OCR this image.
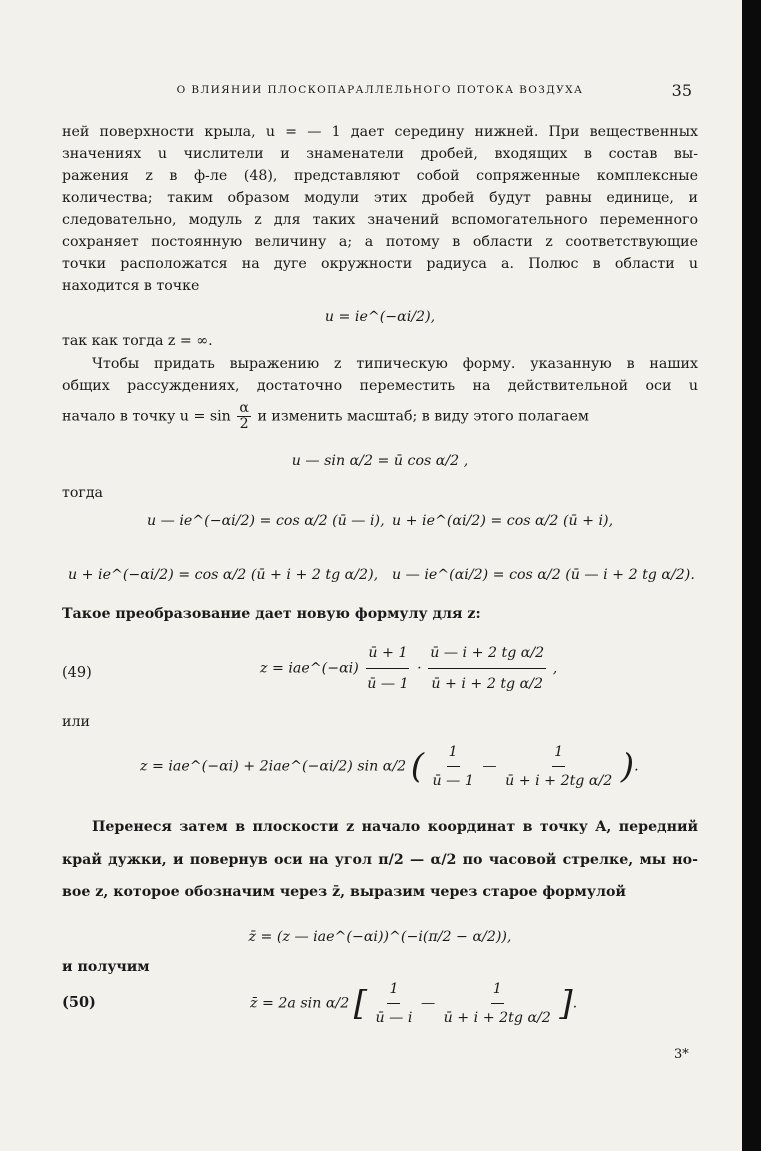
О ВЛИЯНИИ ПЛОСКОПАРАЛЛЕЛЬНОГО ПОТОКА ВОЗДУХА	35
ней поверхности крыла, u = — 1 дает середину нижней. При вещественных
значениях u числители и знаменатели дробей, входящих в состав вы-
ражения z в ф-ле (48), представляют собой сопряженные комплексные
количества; таким образом модули этих дробей будут равны единице, и
следовательно, модуль z для таких значений вспомогательного переменного
сохраняет постоянную величину a; а потому в области z соответствующие
точки расположатся на дуге окружности радиуса a. Полюс в области u
находится в точке
u = ie^(−αi/2),
так как тогда z = ∞.
Чтобы придать выражению z типическую форму. указанную в наших
общих рассуждениях, достаточно переместить на действительной оси u
начало в точку $u = \sin \frac{\alpha}{2}$ и изменить масштаб; в виду этого полагаем
u — sin α/2 = ū cos α/2 ,
тогда
u — ie^(−αi/2) = cos α/2 (ū — i), u + ie^(αi/2) = cos α/2 (ū + i),
u + ie^(−αi/2) = cos α/2 (ū + i + 2 tg α/2), u — ie^(αi/2) = cos α/2 (ū — i + 2 tg α/2).
Такое преобразование дает новую формулу для z:
(49)	z = iae^(−αi) $\frac{ū + 1}{ū — 1} \cdot \frac{\text{ū — i + 2 tg α/2}}{\text{ū + i + 2 tg α/2}}$ ,
или
z = iae^(−αi) + 2iae^(−αi/2) sin α/2 ( $\frac{1}{ū — 1}$ — $\frac{1}{\text{ū + i + 2tg α/2}}$ ).
Перенеся затем в плоскости z начало координат в точку A, передний
край дужки, и повернув оси на угол π/2 — α/2 по часовой стрелке, мы но-
вое z, которое обозначим через z̄, выразим через старое формулой
z̄ = (z — iae^(−αi))^(−i(π/2 − α/2)),
и получим
(50)	z̄ = 2a sin α/2 [ $\frac{1}{ū — i}$ — $\frac{1}{\text{ū + i + 2tg α/2}}$ ].
3*
